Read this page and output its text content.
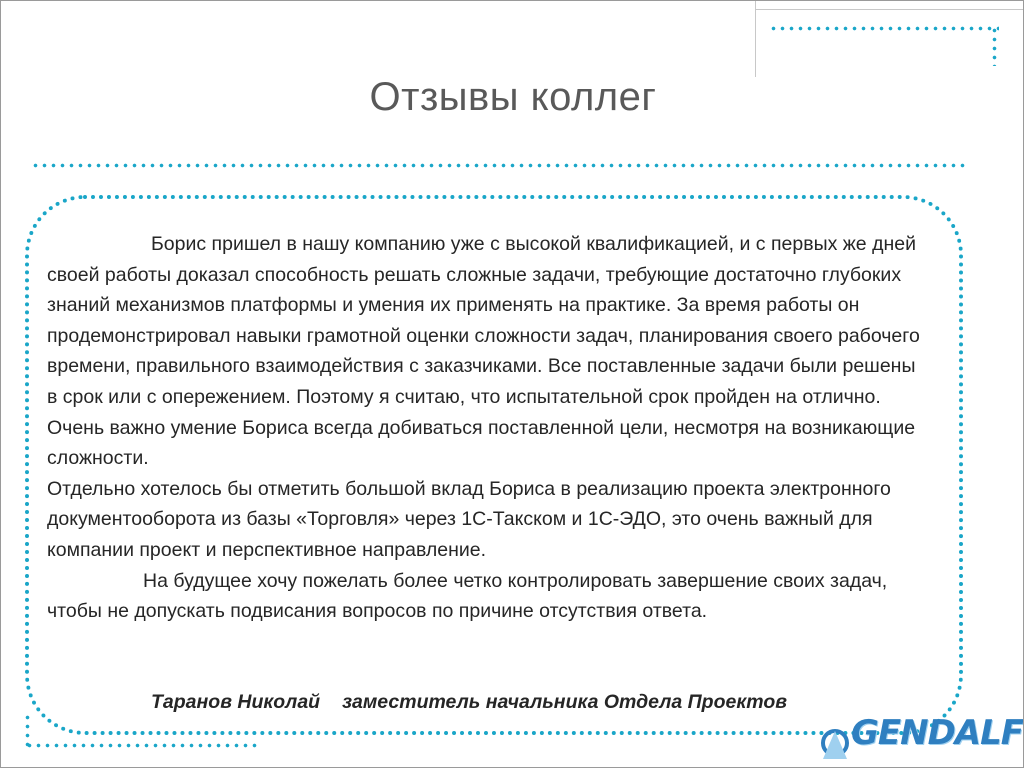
Отзывы коллег

Борис пришел в нашу компанию уже с высокой квалификацией, и с первых же дней своей работы доказал способность решать сложные задачи, требующие достаточно глубоких знаний механизмов платформы и умения их применять на практике. За время работы он продемонстрировал навыки грамотной оценки сложности задач, планирования своего рабочего времени, правильного взаимодействия с заказчиками. Все поставленные задачи были решены в срок или с опережением. Поэтому я считаю, что испытательной срок пройден на отлично. Очень важно умение Бориса всегда добиваться поставленной цели, несмотря на возникающие сложности.

Отдельно хотелось бы отметить большой вклад Бориса в реализацию проекта электронного документооборота из базы «Торговля» через 1С-Такском и 1С-ЭДО, это очень важный для компании проект и перспективное направление.

На будущее хочу пожелать более четко контролировать завершение своих задач, чтобы не допускать подвисания вопросов по причине отсутствия ответа.

Таранов Николай заместитель начальника Отдела Проектов
GENDALF
